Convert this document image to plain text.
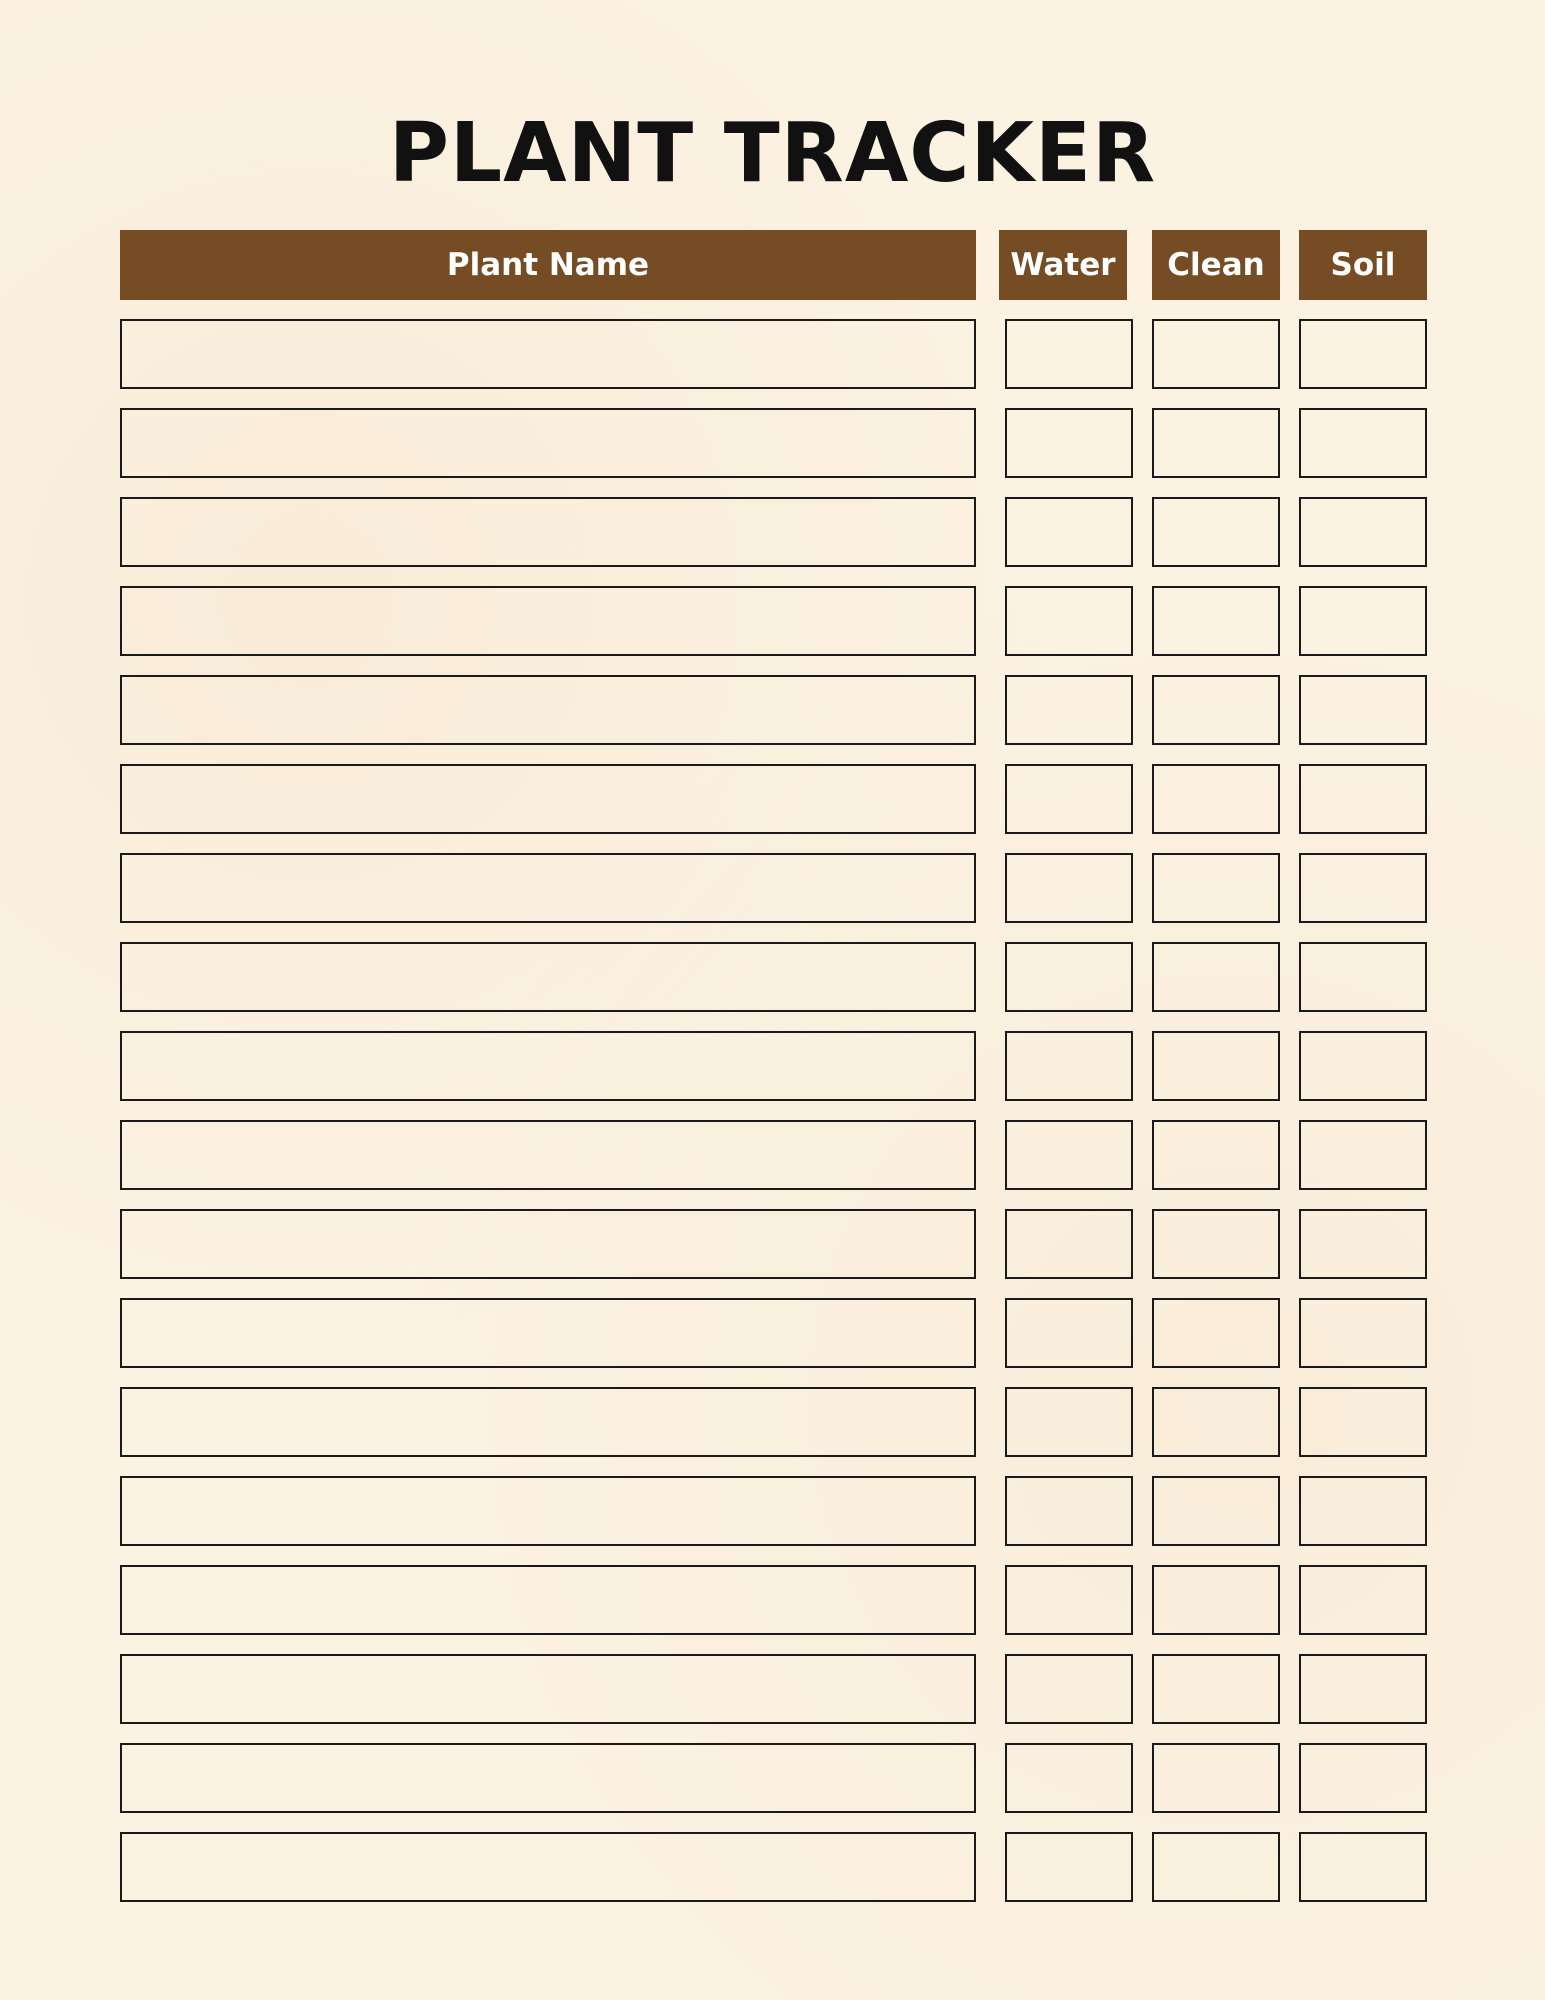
PLANT TRACKER
Plant Name	Water	Clean	Soil
